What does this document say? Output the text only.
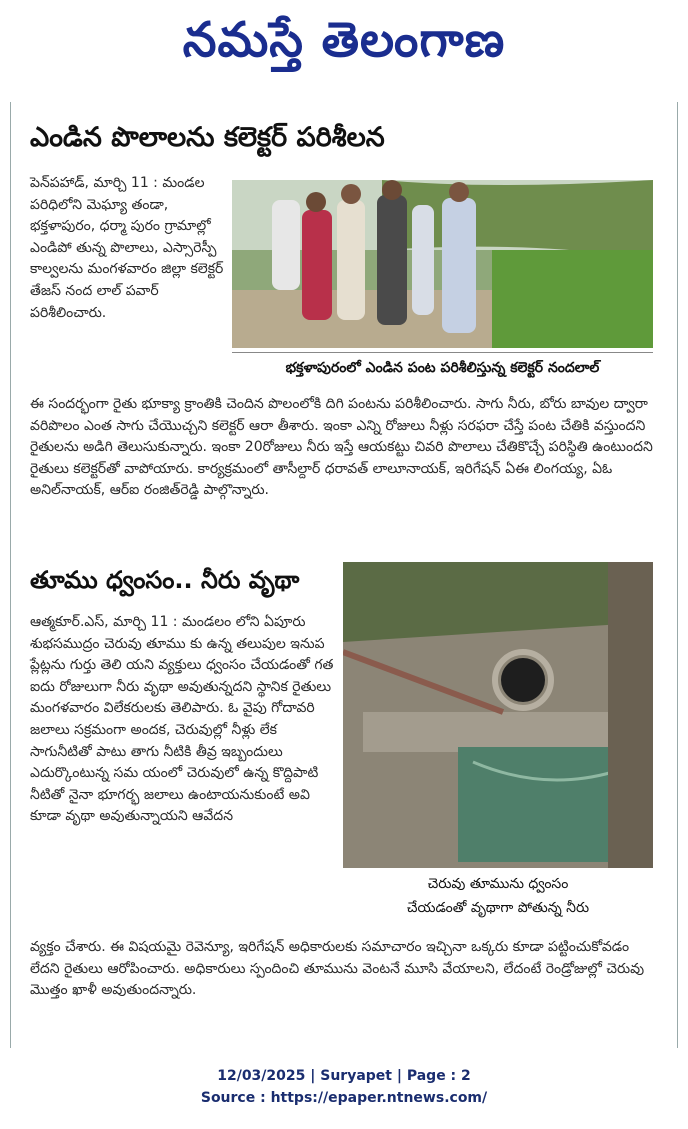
నమస్తే తెలంగాణ
ఎండిన పొలాలను కలెక్టర్ పరిశీలన
పెన్‌పహాడ్, మార్చి 11 : మండల పరిధిలోని మెఘ్యా తండా, భక్తళాపురం, ధర్మా పురం గ్రామాల్లో ఎండిపో తున్న పొలాలు, ఎస్సారెస్పీ కాల్వలను మంగళవారం జిల్లా కలెక్టర్ తేజస్ నంద లాల్ పవార్ పరిశీలించారు.
భక్తళాపురంలో ఎండిన పంట పరిశీలిస్తున్న కలెక్టర్ నందలాల్
ఈ సందర్భంగా రైతు భూక్యా క్రాంతికి చెందిన పొలంలోకి దిగి పంటను పరిశీలించారు. సాగు నీరు, బోరు బావుల ద్వారా వరిపొలం ఎంత సాగు చేయొచ్చని కలెక్టర్ ఆరా తీశారు. ఇంకా ఎన్ని రోజులు నీళ్లు సరఫరా చేస్తే పంట చేతికి వస్తుందని రైతులను అడిగి తెలుసుకున్నారు. ఇంకా 20రోజులు నీరు ఇస్తే ఆయకట్టు చివరి పొలాలు చేతికొచ్చే పరిస్థితి ఉంటుందని రైతులు కలెక్టర్‌తో వాపోయారు. కార్యక్రమంలో తాసీల్దార్ ధరావత్ లాలూనాయక్, ఇరిగేషన్ ఏఈ లింగయ్య, ఏఓ అనిల్‌నాయక్, ఆర్‌ఐ రంజిత్‌రెడ్డి పాల్గొన్నారు.
తూము ధ్వంసం.. నీరు వృథా
ఆత్మకూర్.ఎస్, మార్చి 11 : మండలం లోని ఏపూరు శుభసముద్రం చెరువు తూము కు ఉన్న తలుపుల ఇనుప ప్లేట్లను గుర్తు తెలి యని వ్యక్తులు ధ్వంసం చేయడంతో గత ఐదు రోజులుగా నీరు వృథా అవుతున్నదని స్థానిక రైతులు మంగళవారం విలేకరులకు తెలిపారు. ఓ వైపు గోదావరి జలాలు సక్రమంగా అందక, చెరువుల్లో నీళ్లు లేక సాగునీటితో పాటు తాగు నీటికి తీవ్ర ఇబ్బందులు ఎదుర్కొంటున్న సమ యంలో చెరువులో ఉన్న కొద్దిపాటి నీటితో నైనా భూగర్భ జలాలు ఉంటాయనుకుంటే అవి కూడా వృథా అవుతున్నాయని ఆవేదన
చెరువు తూమును ధ్వంసం
చేయడంతో వృథాగా పోతున్న నీరు
వ్యక్తం చేశారు. ఈ విషయమై రెవెన్యూ, ఇరిగేషన్ అధికారులకు సమాచారం ఇచ్చినా ఒక్కరు కూడా పట్టించుకోవడం లేదని రైతులు ఆరోపించారు. అధికారులు స్పందించి తూమును వెంటనే మూసి వేయాలని, లేదంటే రెండ్రోజుల్లో చెరువు మొత్తం ఖాళీ అవుతుందన్నారు.
12/03/2025 | Suryapet | Page : 2
Source : https://epaper.ntnews.com/
